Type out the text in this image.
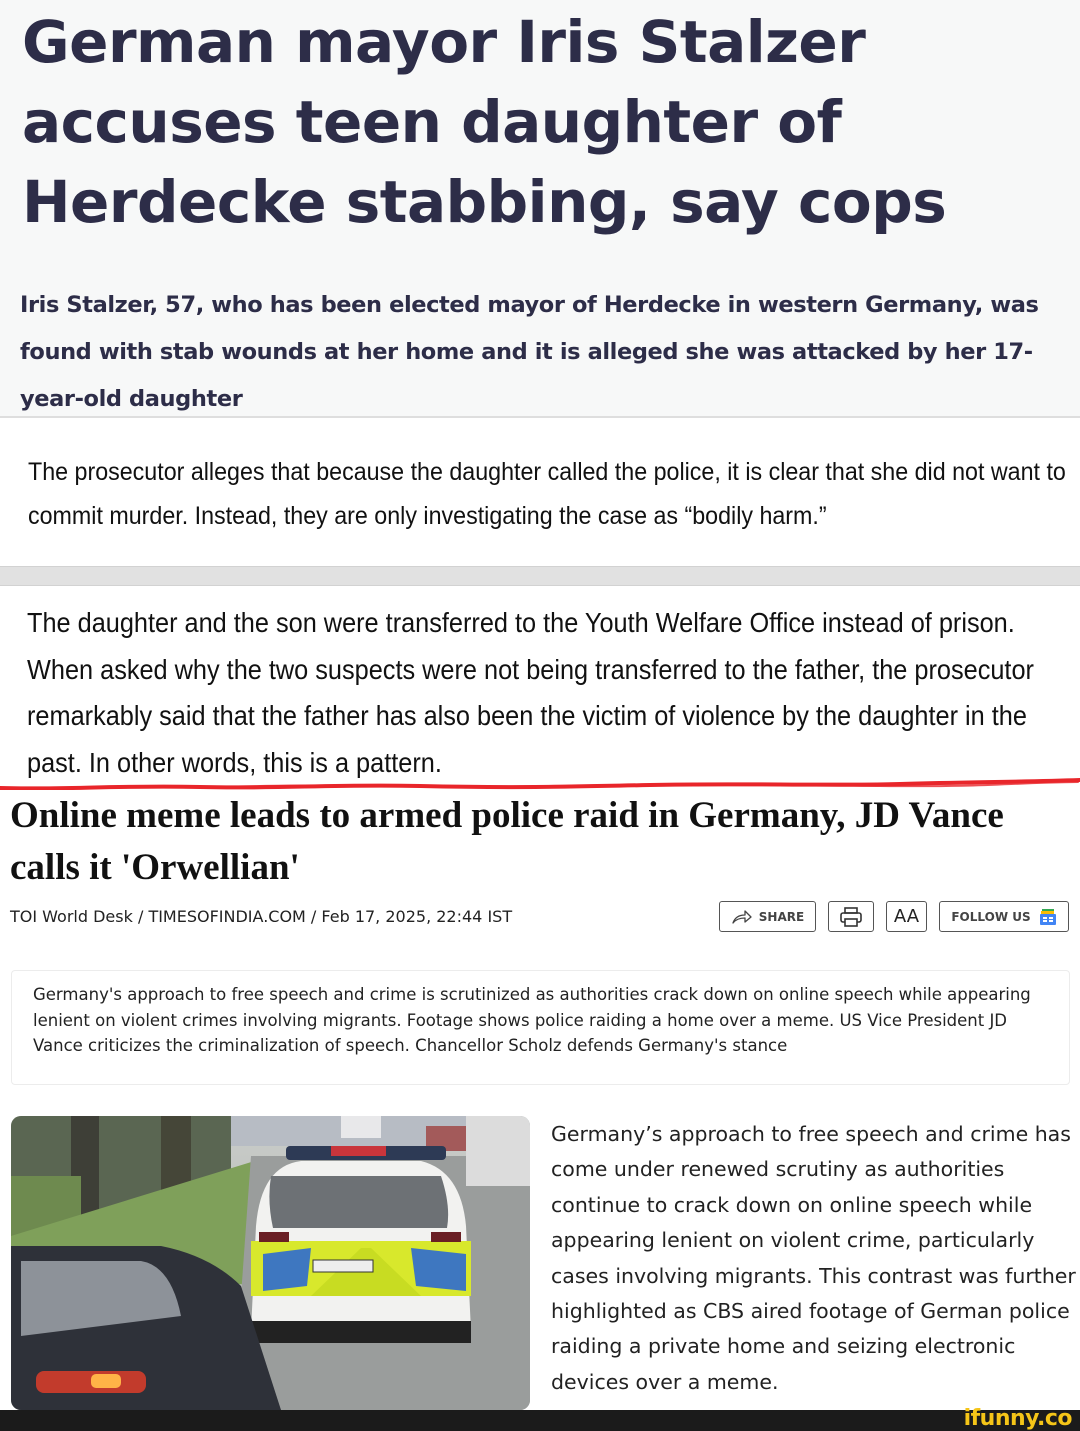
German mayor Iris Stalzer accuses teen daughter of Herdecke stabbing, say cops

Iris Stalzer, 57, who has been elected mayor of Herdecke in western Germany, was found with stab wounds at her home and it is alleged she was attacked by her 17-year-old daughter

The prosecutor alleges that because the daughter called the police, it is clear that she did not want to commit murder. Instead, they are only investigating the case as “bodily harm.”

The daughter and the son were transferred to the Youth Welfare Office instead of prison. When asked why the two suspects were not being transferred to the father, the prosecutor remarkably said that the father has also been the victim of violence by the daughter in the past. In other words, this is a pattern.

Online meme leads to armed police raid in Germany, JD Vance calls it 'Orwellian'
TOI World Desk / TIMESOFINDIA.COM / Feb 17, 2025, 22:44 IST	SHARE	AA	FOLLOW US

Germany's approach to free speech and crime is scrutinized as authorities crack down on online speech while appearing lenient on violent crimes involving migrants. Footage shows police raiding a home over a meme. US Vice President JD Vance criticizes the criminalization of speech. Chancellor Scholz defends Germany's stance

Germany’s approach to free speech and crime has come under renewed scrutiny as authorities continue to crack down on online speech while appearing lenient on violent crime, particularly cases involving migrants. This contrast was further highlighted as CBS aired footage of German police raiding a private home and seizing electronic devices over a meme.

ifunny.co
